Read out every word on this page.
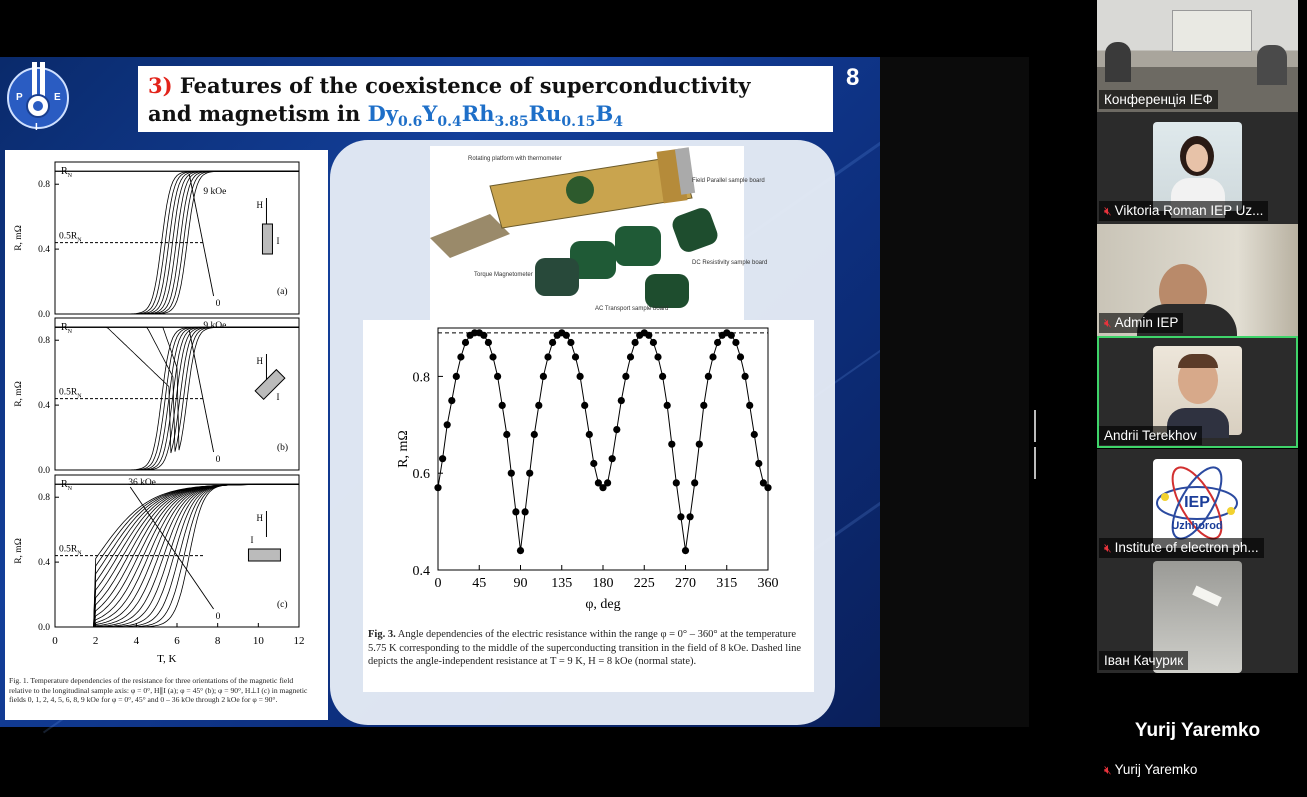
E
P
I
3) Features of the coexistence of superconductivity
and magnetism in $Dy_{0.6}Y_{0.4}Rh_{3.85}Ru_{0.15}B_4$
8
0.0
0.4
0.8
R, mΩ
$R_N$
$0.5R_N$
9 kOe
0
(a)
H
I
0.0
0.4
0.8
R, mΩ
$R_N$
$0.5R_N$
9 kOe
0
(b)
H
I
0.0
0.4
0.8
R, mΩ
$R_N$
$0.5R_N$
36 kOe
0
(c)
H
I
0	2	4	6	8	10	12
T, K
Fig. 1. Temperature dependencies of the resistance for three orientations of the magnetic field relative to the longitudinal sample axis: φ = 0°, H∥I (a); φ = 45° (b); φ = 90°, H⊥I (c) in magnetic fields 0, 1, 2, 4, 5, 6, 8, 9 kOe for φ = 0°, 45° and 0 – 36 kOe through 2 kOe for φ = 90°.
Rotating platform with thermometer
Field Parallel sample board
DC Resistivity sample board
Torque Magnetometer
AC Transport sample board
0 45 90 135 180 225 270 315 360
0.4
0.6
0.8
φ, deg
R, mΩ
Fig. 3. Angle dependencies of the electric resistance within the range φ = 0° – 360° at the temperature 5.75 K corresponding to the middle of the superconducting transition in the field of 8 kOe. Dashed line depicts the angle-independent resistance at T = 9 K, H = 8 kOe (normal state).
Конференція ІЕФ
🔇︎ Viktoria Roman IEP Uz...
🔇︎ Admin IEP
Andrii Terekhov
IEP
Uzhhorod
🔇︎ Institute of electron ph...
Іван Качурик
Yurij Yaremko
🔇︎ Yurij Yaremko
